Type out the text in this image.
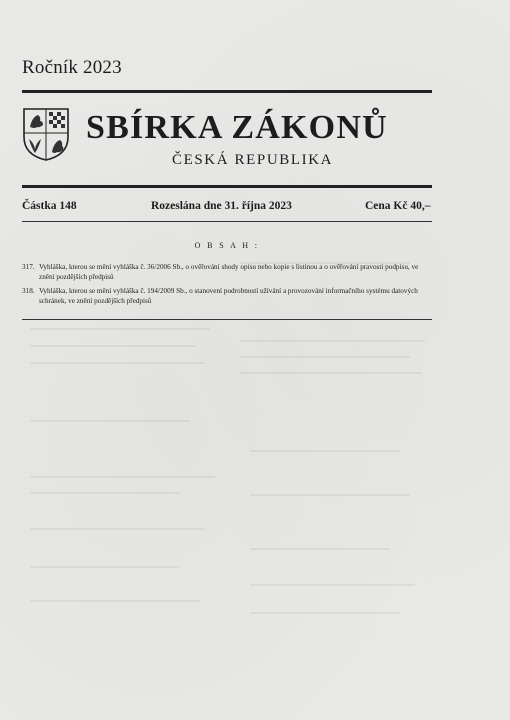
Ročník 2023
SBÍRKA ZÁKONŮ
ČESKÁ REPUBLIKA
Částka 148	Rozeslána dne 31. října 2023	Cena Kč 40,–
O B S A H :
317. Vyhláška, kterou se mění vyhláška č. 36/2006 Sb., o ověřování shody opisu nebo kopie s listinou a o ověřování pravosti podpisu, ve znění pozdějších předpisů
318. Vyhláška, kterou se mění vyhláška č. 194/2009 Sb., o stanovení podrobností užívání a provozování informačního systému datových schránek, ve znění pozdějších předpisů
